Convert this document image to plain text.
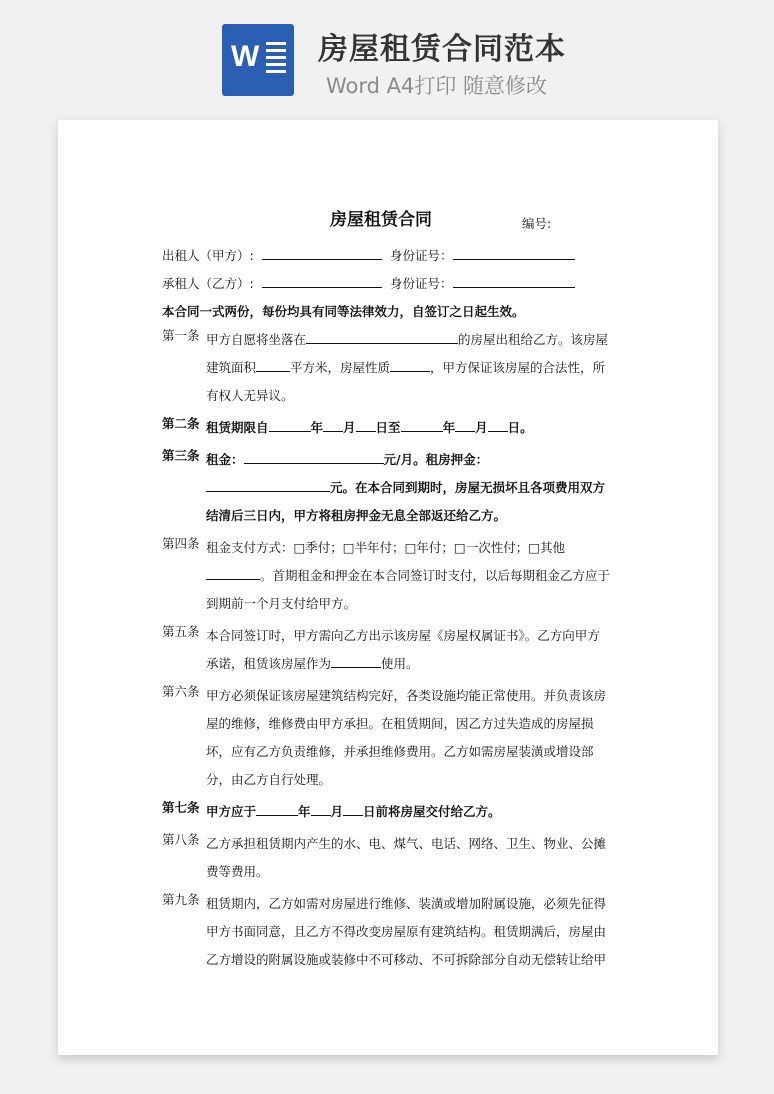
W 房屋租赁合同范本
Word A4打印 随意修改
房屋租赁合同	编号:
出租人（甲方）:	身份证号：
承租人（乙方）:	身份证号：
本合同一式两份，每份均具有同等法律效力，自签订之日起生效。
第一条 甲方自愿将坐落在	的房屋出租给乙方。该房屋建筑面积	平方米，房屋性质	，甲方保证该房屋的合法性，所有权人无异议。
第二条 租赁期限自	年 月 日至	年 月 日。
第三条 租金：	元/月。租房押金：元。在本合同到期时，房屋无损坏且各项费用双方结清后三日内，甲方将租房押金无息全部返还给乙方。
第四条 租金支付方式：□季付；□半年付；□年付；□一次性付；□其他。首期租金和押金在本合同签订时支付，以后每期租金乙方应于到期前一个月支付给甲方。
第五条 本合同签订时，甲方需向乙方出示该房屋《房屋权属证书》。乙方向甲方承诺，租赁该房屋作为	使用。
第六条 甲方必须保证该房屋建筑结构完好，各类设施均能正常使用。并负责该房屋的维修，维修费由甲方承担。在租赁期间，因乙方过失造成的房屋损坏，应有乙方负责维修，并承担维修费用。乙方如需房屋装潢或增设部分，由乙方自行处理。
第七条 甲方应于	年 月 日前将房屋交付给乙方。
第八条 乙方承担租赁期内产生的水、电、煤气、电话、网络、卫生、物业、公摊费等费用。
第九条 租赁期内，乙方如需对房屋进行维修、装潢或增加附属设施，必须先征得甲方书面同意，且乙方不得改变房屋原有建筑结构。租赁期满后，房屋由乙方增设的附属设施或装修中不可移动、不可拆除部分自动无偿转让给甲
